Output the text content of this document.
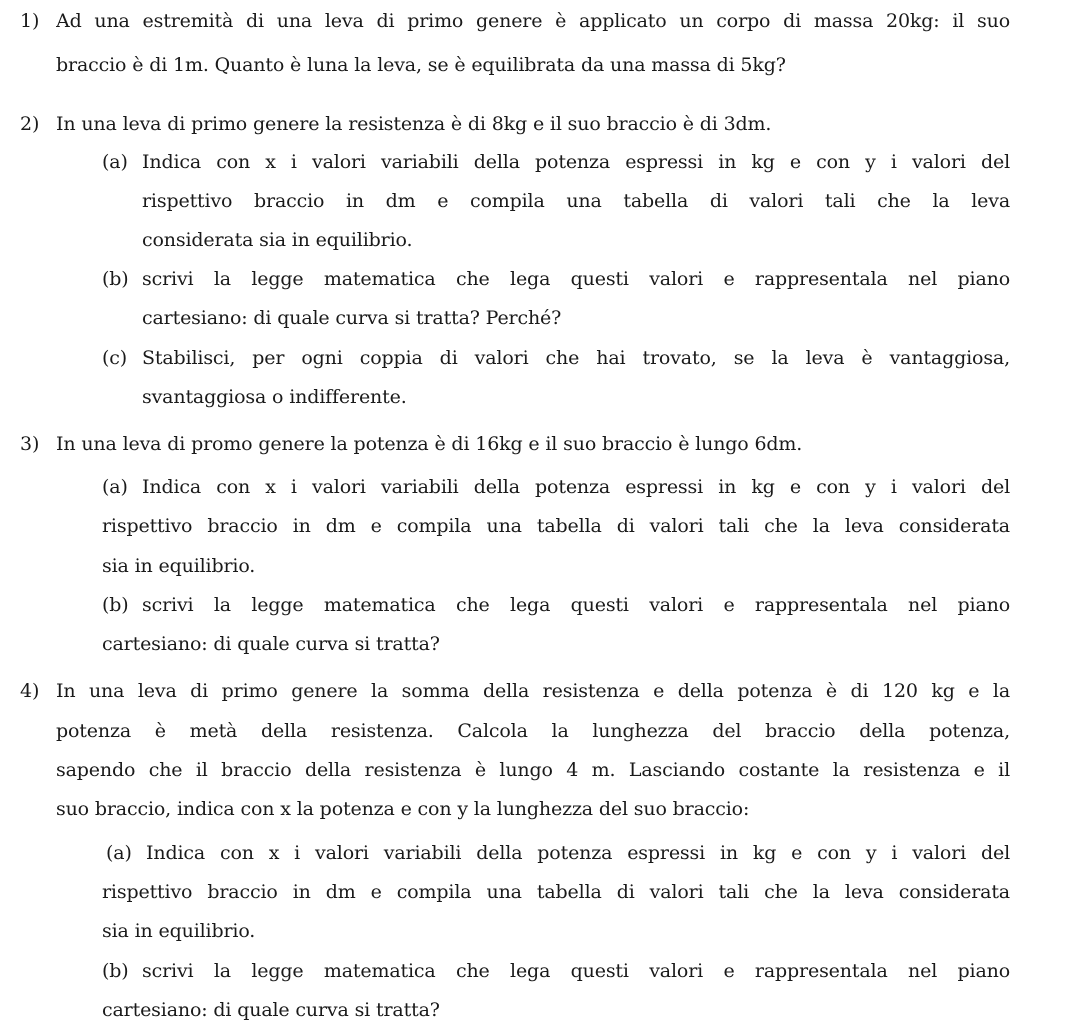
1) Ad una estremità di una leva di primo genere è applicato un corpo di massa 20kg: il suo
braccio è di 1m. Quanto è luna la leva, se è equilibrata da una massa di 5kg?
2) In una leva di primo genere la resistenza è di 8kg e il suo braccio è di 3dm.
(a) Indica con x i valori variabili della potenza espressi in kg e con y i valori del
rispettivo braccio in dm e compila una tabella di valori tali che la leva
considerata sia in equilibrio.
(b) scrivi la legge matematica che lega questi valori e rappresentala nel piano
cartesiano: di quale curva si tratta? Perché?
(c) Stabilisci, per ogni coppia di valori che hai trovato, se la leva è vantaggiosa,
svantaggiosa o indifferente.
3) In una leva di promo genere la potenza è di 16kg e il suo braccio è lungo 6dm.
(a) Indica con x i valori variabili della potenza espressi in kg e con y i valori del
rispettivo braccio in dm e compila una tabella di valori tali che la leva considerata
sia in equilibrio.
(b) scrivi la legge matematica che lega questi valori e rappresentala nel piano
cartesiano: di quale curva si tratta?
4) In una leva di primo genere la somma della resistenza e della potenza è di 120 kg e la
potenza è metà della resistenza. Calcola la lunghezza del braccio della potenza,
sapendo che il braccio della resistenza è lungo 4 m. Lasciando costante la resistenza e il
suo braccio, indica con x la potenza e con y la lunghezza del suo braccio:
(a) Indica con x i valori variabili della potenza espressi in kg e con y i valori del
rispettivo braccio in dm e compila una tabella di valori tali che la leva considerata
sia in equilibrio.
(b) scrivi la legge matematica che lega questi valori e rappresentala nel piano
cartesiano: di quale curva si tratta?
